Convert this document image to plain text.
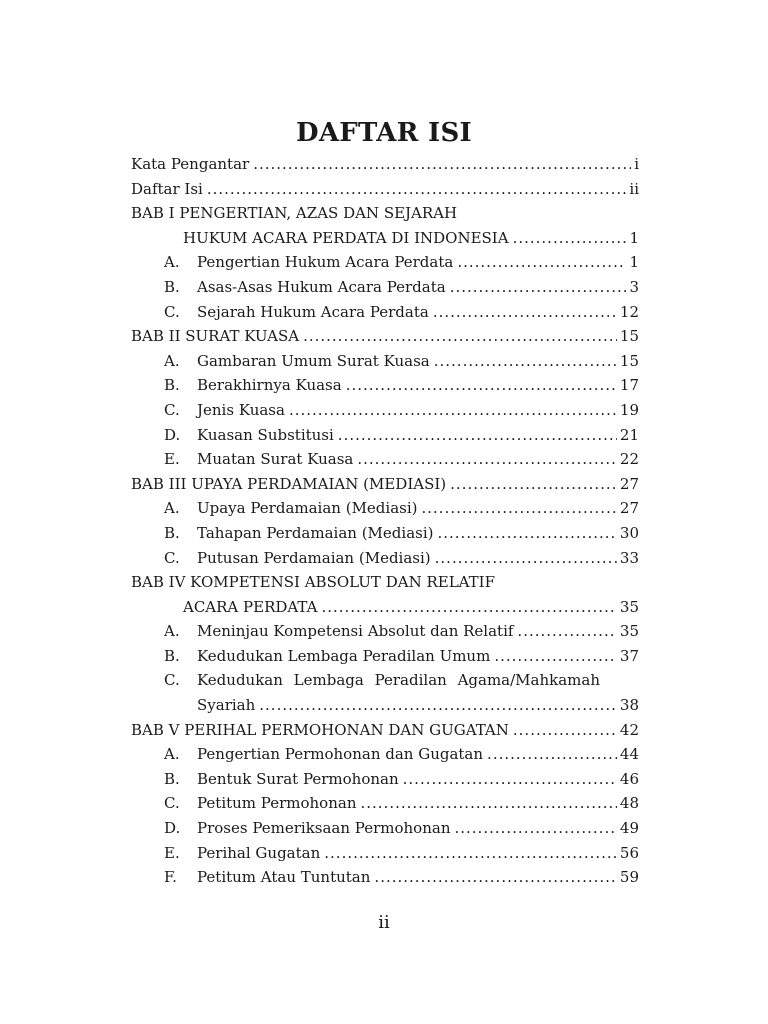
DAFTAR ISI
Kata Pengantar .....	i
Daftar Isi .....	ii
BAB I PENGERTIAN, AZAS DAN SEJARAH
HUKUM ACARA PERDATA DI INDONESIA .....	1
A.	Pengertian Hukum Acara Perdata .....	1
B.	Asas-Asas Hukum Acara Perdata .....	3
C.	Sejarah Hukum Acara Perdata .....	12
BAB II SURAT KUASA .....	15
A.	Gambaran Umum Surat Kuasa .....	15
B.	Berakhirnya Kuasa .....	17
C.	Jenis Kuasa .....	19
D.	Kuasan Substitusi .....	21
E.	Muatan Surat Kuasa .....	22
BAB III UPAYA PERDAMAIAN (MEDIASI) .....	27
A.	Upaya Perdamaian (Mediasi) .....	27
B.	Tahapan Perdamaian (Mediasi) .....	30
C.	Putusan Perdamaian (Mediasi) .....	33
BAB IV KOMPETENSI ABSOLUT DAN RELATIF
ACARA PERDATA .....	35
A.	Meninjau Kompetensi Absolut dan Relatif .....	35
B.	Kedudukan Lembaga Peradilan Umum .....	37
C.	Kedudukan Lembaga Peradilan Agama/Mahkamah
Syariah .....	38
BAB V PERIHAL PERMOHONAN DAN GUGATAN .....	42
A.	Pengertian Permohonan dan Gugatan .....	44
B.	Bentuk Surat Permohonan .....	46
C.	Petitum Permohonan .....	48
D.	Proses Pemeriksaan Permohonan .....	49
E.	Perihal Gugatan .....	56
F.	Petitum Atau Tuntutan .....	59
ii
